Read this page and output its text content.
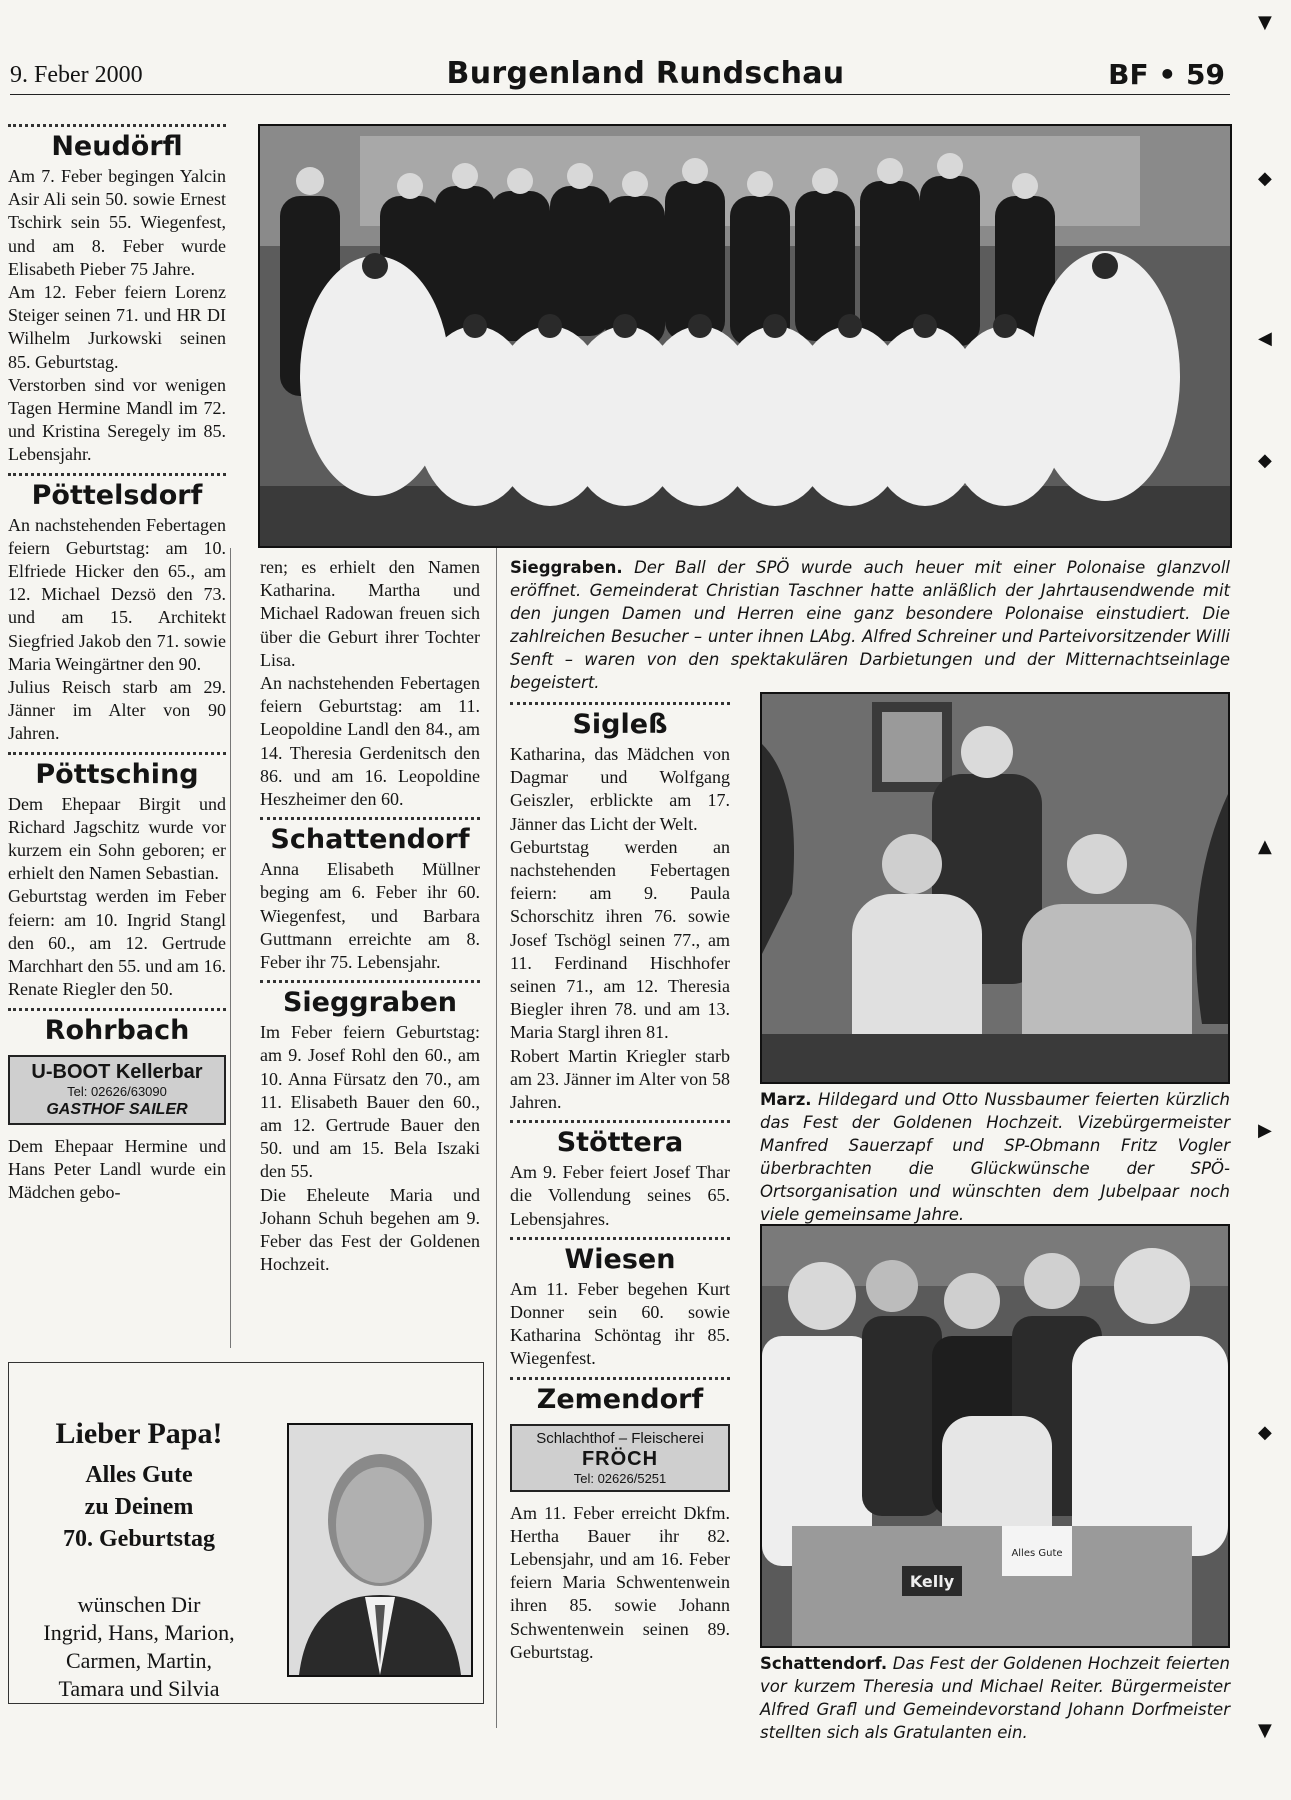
9. Feber 2000	Burgenland Rundschau	BF • 59
Neudörfl

Am 7. Feber begingen Yalcin Asir Ali sein 50. sowie Ernest Tschirk sein 55. Wiegenfest, und am 8. Feber wurde Elisabeth Pieber 75 Jahre.

Am 12. Feber feiern Lorenz Steiger seinen 71. und HR DI Wilhelm Jurkowski seinen 85. Geburtstag.

Verstorben sind vor wenigen Tagen Hermine Mandl im 72. und Kristina Seregely im 85. Lebensjahr.

Pöttelsdorf

An nachstehenden Febertagen feiern Geburtstag: am 10. Elfriede Hicker den 65., am 12. Michael Dezsö den 73. und am 15. Architekt Siegfried Jakob den 71. sowie Maria Weingärtner den 90.

Julius Reisch starb am 29. Jänner im Alter von 90 Jahren.

Pöttsching

Dem Ehepaar Birgit und Richard Jagschitz wurde vor kurzem ein Sohn geboren; er erhielt den Namen Sebastian.

Geburtstag werden im Feber feiern: am 10. Ingrid Stangl den 60., am 12. Gertrude Marchhart den 55. und am 16. Renate Riegler den 50.

Rohrbach
U-BOOT Kellerbar
Tel: 02626/63090
GASTHOF SAILER

Dem Ehepaar Hermine und Hans Peter Landl wurde ein Mädchen gebo-

ren; es erhielt den Namen Katharina. Martha und Michael Radowan freuen sich über die Geburt ihrer Tochter Lisa.

An nachstehenden Febertagen feiern Geburtstag: am 11. Leopoldine Landl den 84., am 14. Theresia Gerdenitsch den 86. und am 16. Leopoldine Heszheimer den 60.

Schattendorf

Anna Elisabeth Müllner beging am 6. Feber ihr 60. Wiegenfest, und Barbara Guttmann erreichte am 8. Feber ihr 75. Lebensjahr.

Sieggraben

Im Feber feiern Geburtstag: am 9. Josef Rohl den 60., am 10. Anna Fürsatz den 70., am 11. Elisabeth Bauer den 60., am 12. Gertrude Bauer den 50. und am 15. Bela Iszaki den 55.

Die Eheleute Maria und Johann Schuh begehen am 9. Feber das Fest der Goldenen Hochzeit.

Sieggraben. Der Ball der SPÖ wurde auch heuer mit einer Polonaise glanzvoll eröffnet. Gemeinderat Christian Taschner hatte anläßlich der Jahrtausendwende mit den jungen Damen und Herren eine ganz besondere Polonaise einstudiert. Die zahlreichen Besucher – unter ihnen LAbg. Alfred Schreiner und Parteivorsitzender Willi Senft – waren von den spektakulären Darbietungen und der Mitternachtseinlage begeistert.
Sigleß

Katharina, das Mädchen von Dagmar und Wolfgang Geiszler, erblickte am 17. Jänner das Licht der Welt.

Geburtstag werden an nachstehenden Febertagen feiern: am 9. Paula Schorschitz ihren 76. sowie Josef Tschögl seinen 77., am 11. Ferdinand Hischhofer seinen 71., am 12. Theresia Biegler ihren 78. und am 13. Maria Stargl ihren 81.

Robert Martin Kriegler starb am 23. Jänner im Alter von 58 Jahren.

Stöttera

Am 9. Feber feiert Josef Thar die Vollendung seines 65. Lebensjahres.

Wiesen

Am 11. Feber begehen Kurt Donner sein 60. sowie Katharina Schöntag ihr 85. Wiegenfest.

Zemendorf
Schlachthof – Fleischerei
FRÖCH
Tel: 02626/5251

Am 11. Feber erreicht Dkfm. Hertha Bauer ihr 82. Lebensjahr, und am 16. Feber feiern Maria Schwentenwein ihren 85. sowie Johann Schwentenwein seinen 89. Geburtstag.

Marz. Hildegard und Otto Nussbaumer feierten kürzlich das Fest der Goldenen Hochzeit. Vizebürgermeister Manfred Sauerzapf und SP-Obmann Fritz Vogler überbrachten die Glückwünsche der SPÖ-Ortsorganisation und wünschten dem Jubelpaar noch viele gemeinsame Jahre.
Alles Gute
Kelly
Schattendorf. Das Fest der Goldenen Hochzeit feierten vor kurzem Theresia und Michael Reiter. Bürgermeister Alfred Grafl und Gemeindevorstand Johann Dorfmeister stellten sich als Gratulanten ein.
Lieber Papa!
Alles Gute
zu Deinem
70. Geburtstag
wünschen Dir
Ingrid, Hans, Marion,
Carmen, Martin,
Tamara und Silvia
▼
◆
◀
◆
▲
▶
◆
▼
